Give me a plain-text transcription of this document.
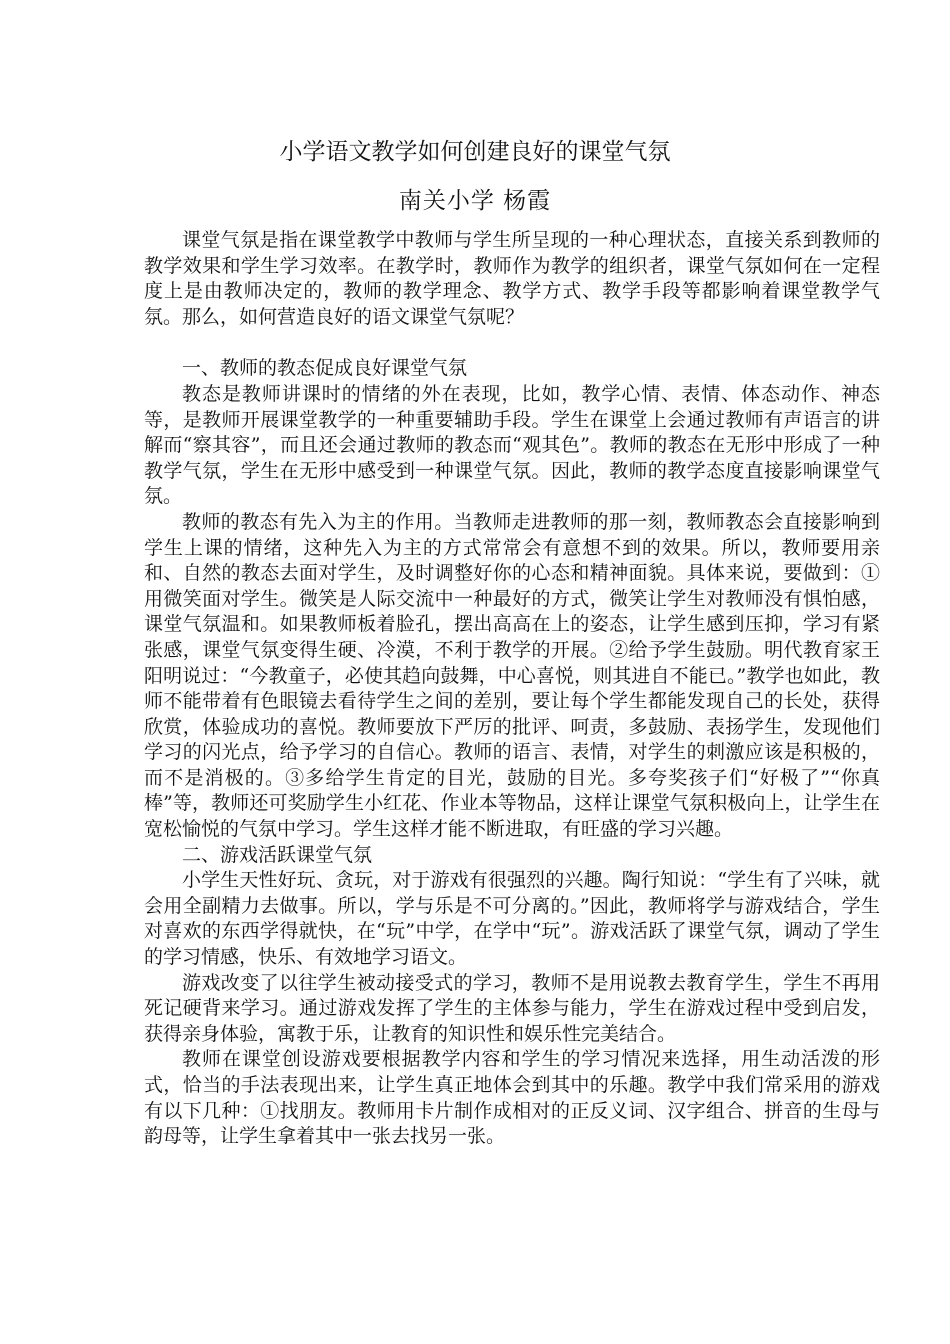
小学语文教学如何创建良好的课堂气氛
南关小学 杨霞

课堂气氛是指在课堂教学中教师与学生所呈现的一种心理状态，直接关系到教师的教学效果和学生学习效率。在教学时，教师作为教学的组织者，课堂气氛如何在一定程度上是由教师决定的，教师的教学理念、教学方式、教学手段等都影响着课堂教学气氛。那么，如何营造良好的语文课堂气氛呢？

一、教师的教态促成良好课堂气氛

教态是教师讲课时的情绪的外在表现，比如，教学心情、表情、体态动作、神态等，是教师开展课堂教学的一种重要辅助手段。学生在课堂上会通过教师有声语言的讲解而“察其容”，而且还会通过教师的教态而“观其色”。教师的教态在无形中形成了一种教学气氛，学生在无形中感受到一种课堂气氛。因此，教师的教学态度直接影响课堂气氛。

教师的教态有先入为主的作用。当教师走进教师的那一刻，教师教态会直接影响到学生上课的情绪，这种先入为主的方式常常会有意想不到的效果。所以，教师要用亲和、自然的教态去面对学生，及时调整好你的心态和精神面貌。具体来说，要做到：①用微笑面对学生。微笑是人际交流中一种最好的方式，微笑让学生对教师没有惧怕感，课堂气氛温和。如果教师板着脸孔，摆出高高在上的姿态，让学生感到压抑，学习有紧张感，课堂气氛变得生硬、冷漠，不利于教学的开展。②给予学生鼓励。明代教育家王阳明说过：“今教童子，必使其趋向鼓舞，中心喜悦，则其进自不能已。”教学也如此，教师不能带着有色眼镜去看待学生之间的差别，要让每个学生都能发现自己的长处，获得欣赏，体验成功的喜悦。教师要放下严厉的批评、呵责，多鼓励、表扬学生，发现他们学习的闪光点，给予学习的自信心。教师的语言、表情，对学生的刺激应该是积极的，而不是消极的。③多给学生肯定的目光，鼓励的目光。多夸奖孩子们“好极了”“你真棒”等，教师还可奖励学生小红花、作业本等物品，这样让课堂气氛积极向上，让学生在宽松愉悦的气氛中学习。学生这样才能不断进取，有旺盛的学习兴趣。

二、游戏活跃课堂气氛

小学生天性好玩、贪玩，对于游戏有很强烈的兴趣。陶行知说：“学生有了兴味，就会用全副精力去做事。所以，学与乐是不可分离的。”因此，教师将学与游戏结合，学生对喜欢的东西学得就快，在“玩”中学，在学中“玩”。游戏活跃了课堂气氛，调动了学生的学习情感，快乐、有效地学习语文。

游戏改变了以往学生被动接受式的学习，教师不是用说教去教育学生，学生不再用死记硬背来学习。通过游戏发挥了学生的主体参与能力，学生在游戏过程中受到启发，获得亲身体验，寓教于乐，让教育的知识性和娱乐性完美结合。

教师在课堂创设游戏要根据教学内容和学生的学习情况来选择，用生动活泼的形式，恰当的手法表现出来，让学生真正地体会到其中的乐趣。教学中我们常采用的游戏有以下几种：①找朋友。教师用卡片制作成相对的正反义词、汉字组合、拼音的生母与韵母等，让学生拿着其中一张去找另一张。
